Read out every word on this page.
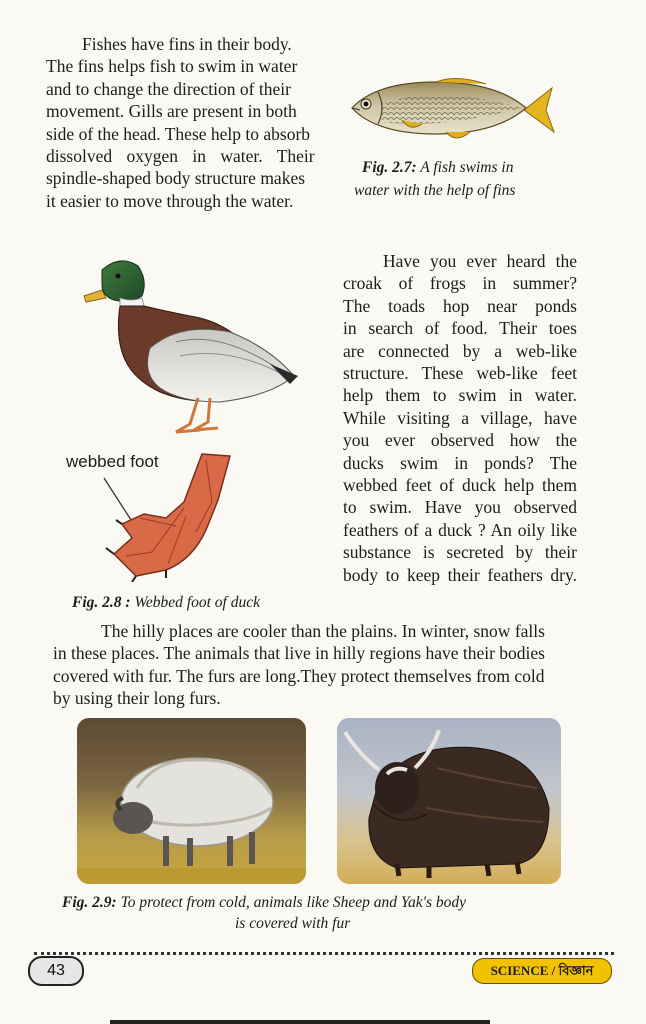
Fishes have fins in their body.
The fins helps fish to swim in water
and to change the direction of their
movement. Gills are present in both
side of the head. These help to absorb
dissolved oxygen in water. Their
spindle-shaped body structure makes
it easier to move through the water.
Fig. 2.7: A fish swims in
water with the help of fins
Have you ever heard the
croak of frogs in summer?
The toads hop near ponds
in search of food. Their toes
are connected by a web-like
structure. These web-like feet
help them to swim in water.
While visiting a village, have
you ever observed how the
ducks swim in ponds? The
webbed feet of duck help them
to swim. Have you observed
feathers of a duck ? An oily like
substance is secreted by their
body to keep their feathers dry.
webbed foot
Fig. 2.8 : Webbed foot of duck
The hilly places are cooler than the plains. In winter, snow falls
in these places. The animals that live in hilly regions have their bodies
covered with fur. The furs are long.They protect themselves from cold
by using their long furs.
Fig. 2.9: To protect from cold, animals like Sheep and Yak's body
is covered with fur
43	SCIENCE / বিজ্ঞান
